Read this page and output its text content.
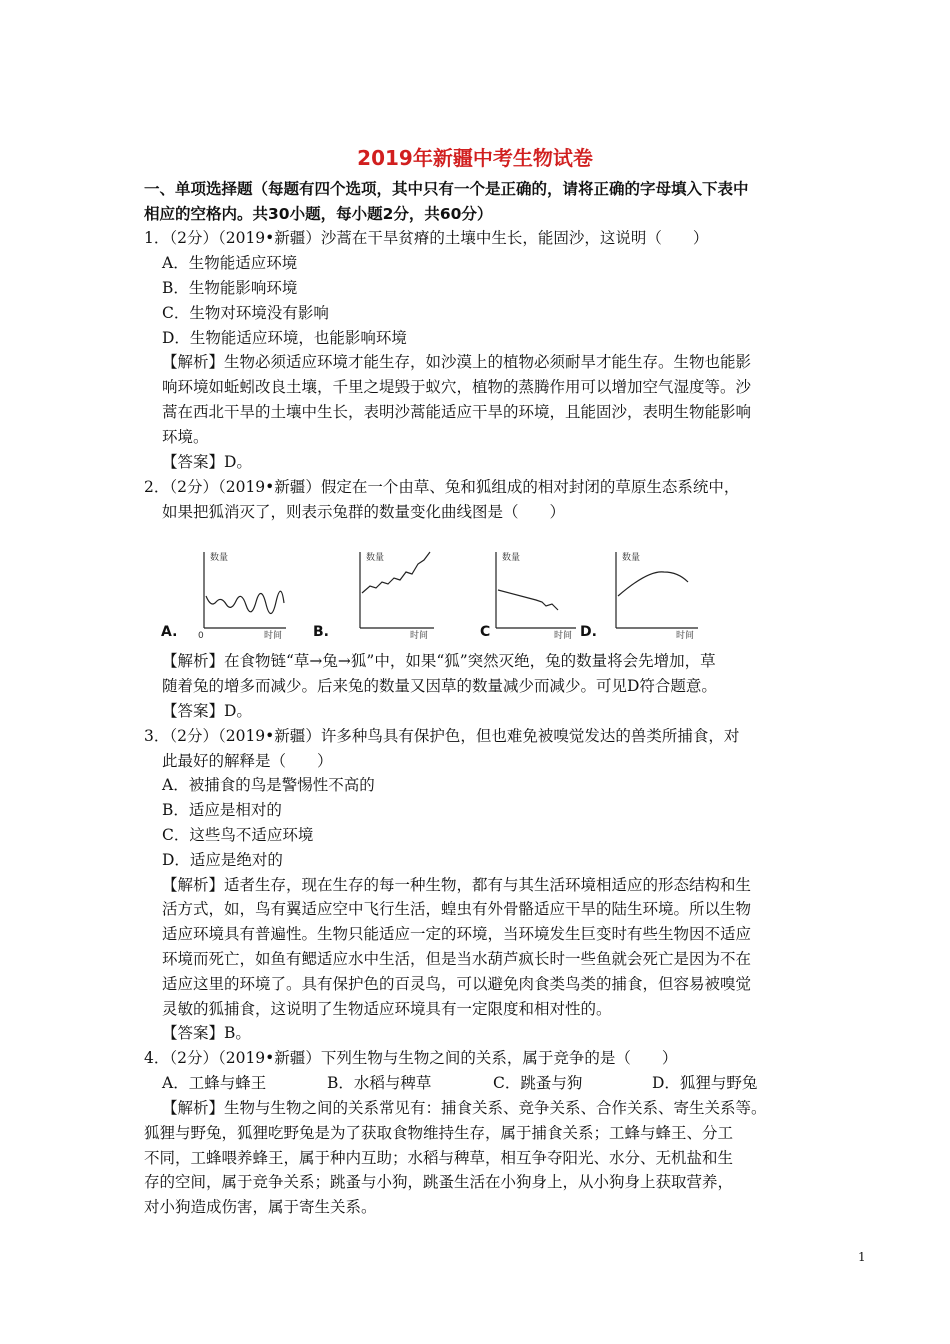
2019年新疆中考生物试卷
一、单项选择题（每题有四个选项，其中只有一个是正确的，请将正确的字母填入下表中
相应的空格内。共30小题，每小题2分，共60分）
1．（2分）（2019•新疆）沙蒿在干旱贫瘠的土壤中生长，能固沙，这说明（　　）
A．生物能适应环境
B．生物能影响环境
C．生物对环境没有影响
D．生物能适应环境，也能影响环境
【解析】生物必须适应环境才能生存，如沙漠上的植物必须耐旱才能生存。生物也能影
响环境如蚯蚓改良土壤，千里之堤毁于蚁穴，植物的蒸腾作用可以增加空气湿度等。沙
蒿在西北干旱的土壤中生长，表明沙蒿能适应干旱的环境，且能固沙，表明生物能影响
环境。
【答案】D。
2．（2分）（2019•新疆）假定在一个由草、兔和狐组成的相对封闭的草原生态系统中，
如果把狐消灭了，则表示兔群的数量变化曲线图是（　　）
A.
数量
时间
0	B.
数量
时间	C
数量
时间 D.
数量
时间
【解析】在食物链“草→兔→狐”中，如果“狐”突然灭绝，兔的数量将会先增加，草
随着兔的增多而减少。后来兔的数量又因草的数量减少而减少。可见D符合题意。
【答案】D。
3．（2分）（2019•新疆）许多种鸟具有保护色，但也难免被嗅觉发达的兽类所捕食，对
此最好的解释是（　　）
A．被捕食的鸟是警惕性不高的
B．适应是相对的
C．这些鸟不适应环境
D．适应是绝对的
【解析】适者生存，现在生存的每一种生物，都有与其生活环境相适应的形态结构和生
活方式，如，鸟有翼适应空中飞行生活，蝗虫有外骨骼适应干旱的陆生环境。所以生物
适应环境具有普遍性。生物只能适应一定的环境，当环境发生巨变时有些生物因不适应
环境而死亡，如鱼有鳃适应水中生活，但是当水葫芦疯长时一些鱼就会死亡是因为不在
适应这里的环境了。具有保护色的百灵鸟，可以避免肉食类鸟类的捕食，但容易被嗅觉
灵敏的狐捕食，这说明了生物适应环境具有一定限度和相对性的。
【答案】B。
4．（2分）（2019•新疆）下列生物与生物之间的关系，属于竞争的是（　　）
A．工蜂与蜂王	B．水稻与稗草	C．跳蚤与狗	D．狐狸与野兔
【解析】生物与生物之间的关系常见有：捕食关系、竞争关系、合作关系、寄生关系等。
狐狸与野兔，狐狸吃野兔是为了获取食物维持生存，属于捕食关系；工蜂与蜂王、分工
不同，工蜂喂养蜂王，属于种内互助；水稻与稗草，相互争夺阳光、水分、无机盐和生
存的空间，属于竞争关系；跳蚤与小狗，跳蚤生活在小狗身上，从小狗身上获取营养，
对小狗造成伤害，属于寄生关系。
1
